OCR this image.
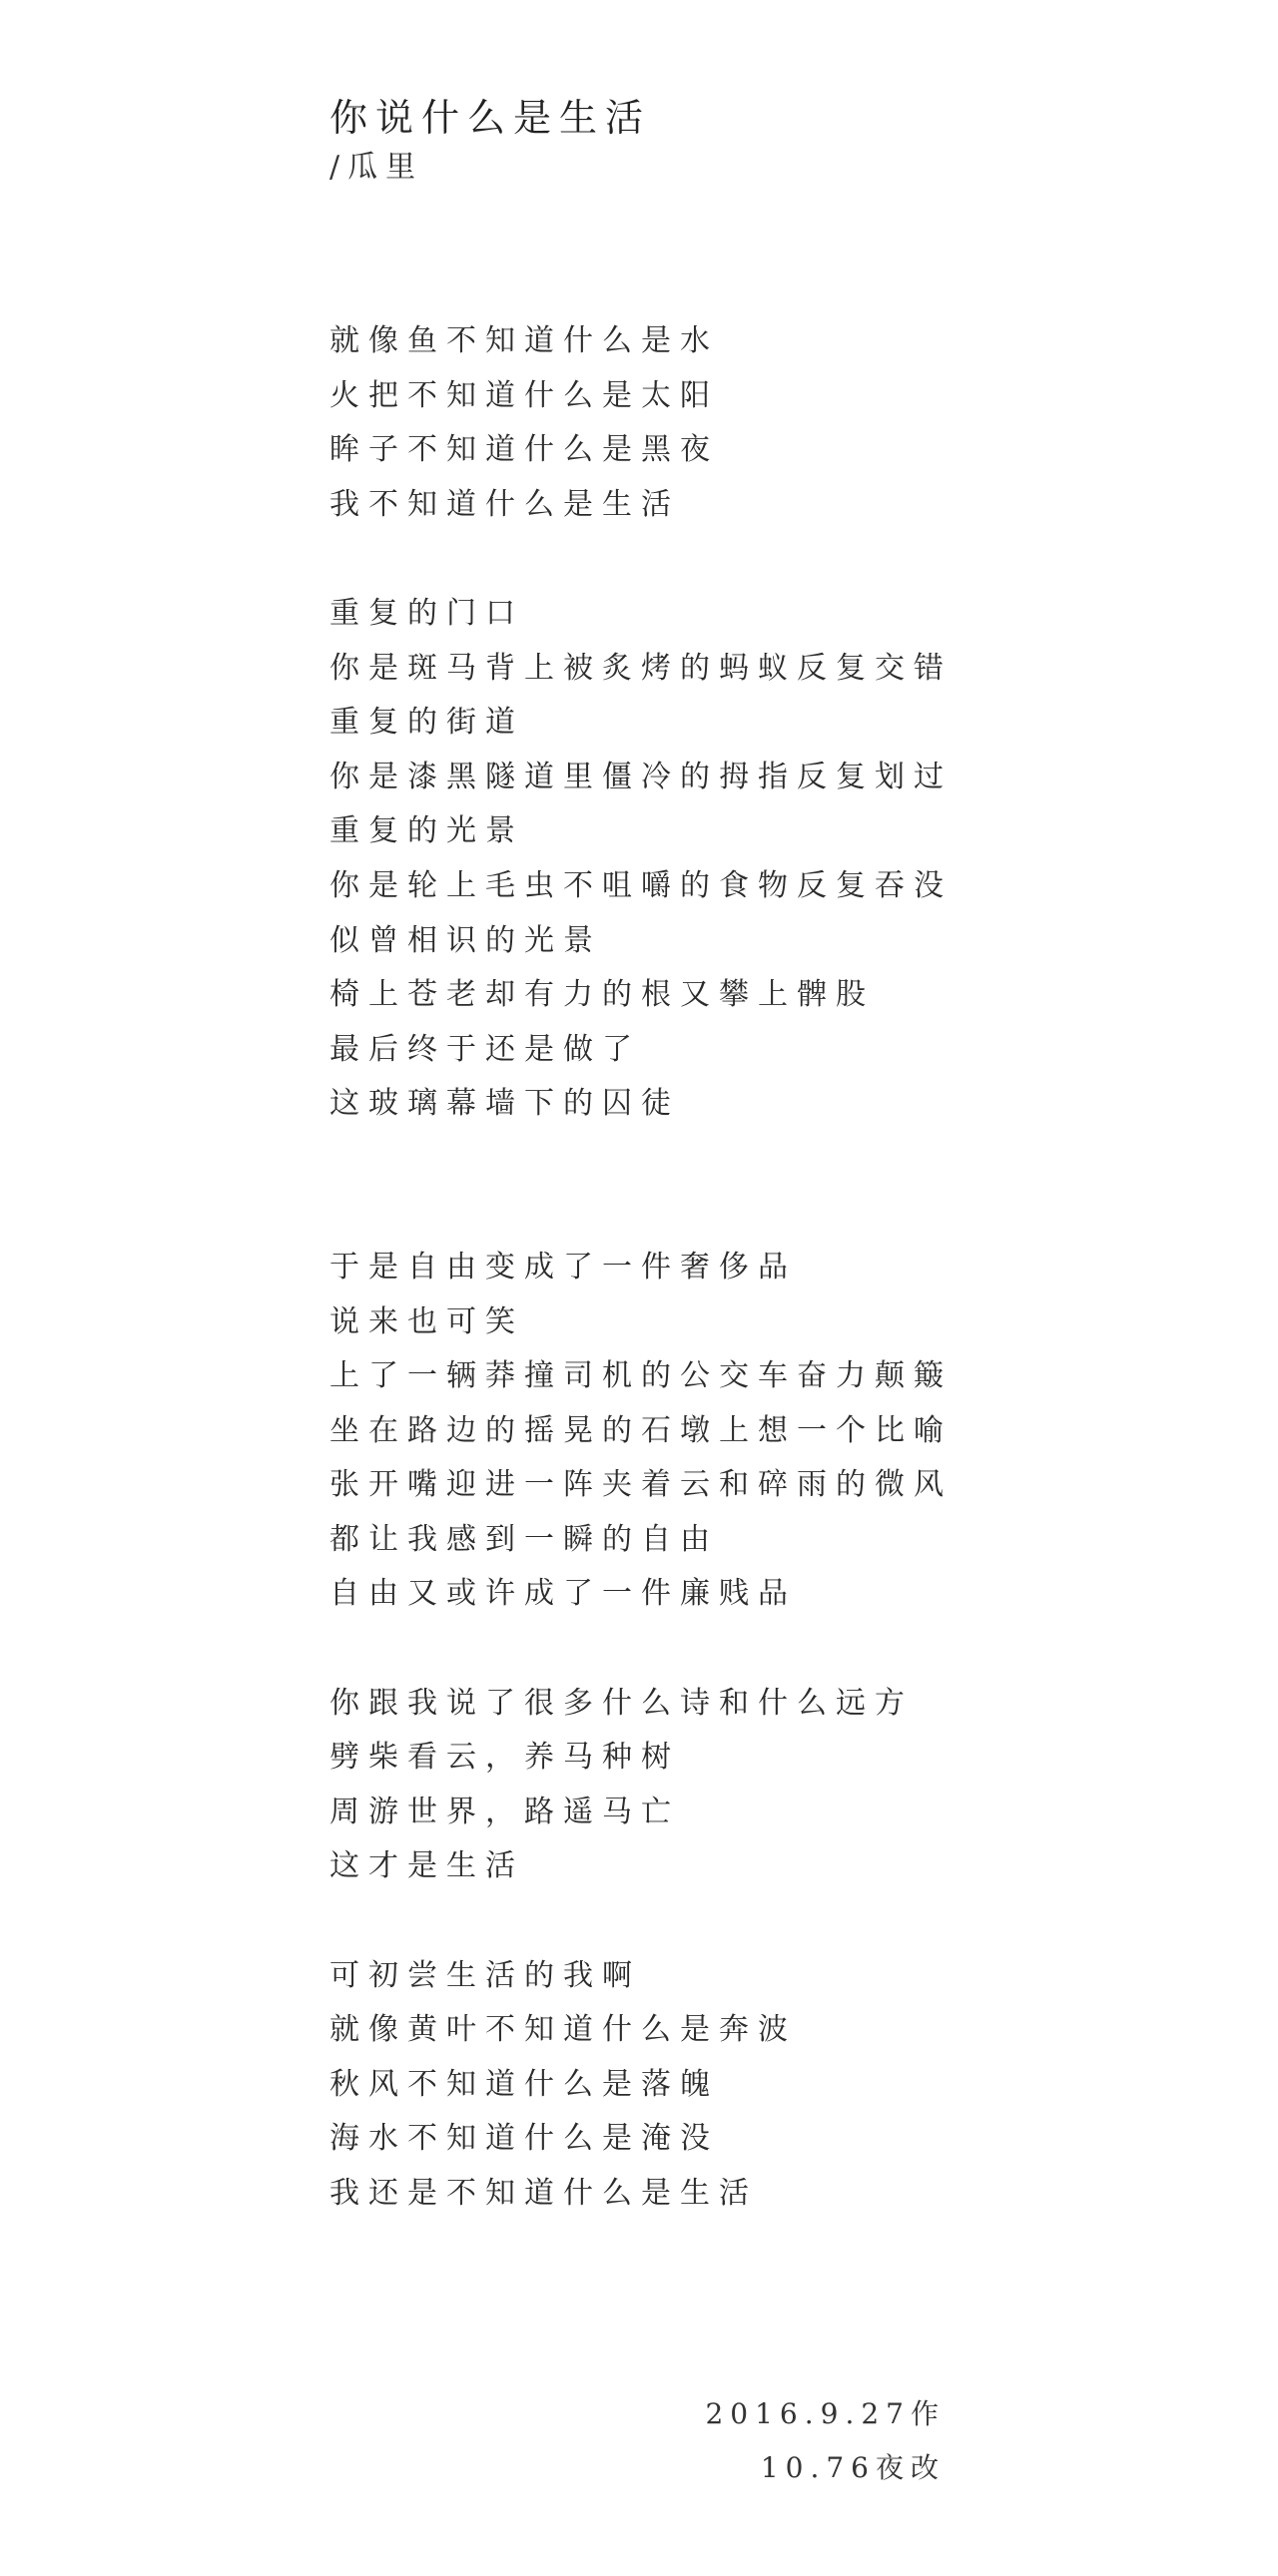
你说什么是生活

/瓜里

就像鱼不知道什么是水
火把不知道什么是太阳
眸子不知道什么是黑夜
我不知道什么是生活
重复的门口
你是斑马背上被炙烤的蚂蚁反复交错
重复的街道
你是漆黑隧道里僵冷的拇指反复划过
重复的光景
你是轮上毛虫不咀嚼的食物反复吞没
似曾相识的光景
椅上苍老却有力的根又攀上髀股
最后终于还是做了
这玻璃幕墙下的囚徒
于是自由变成了一件奢侈品
说来也可笑
上了一辆莽撞司机的公交车奋力颠簸
坐在路边的摇晃的石墩上想一个比喻
张开嘴迎进一阵夹着云和碎雨的微风
都让我感到一瞬的自由
自由又或许成了一件廉贱品
你跟我说了很多什么诗和什么远方
劈柴看云，养马种树
周游世界，路遥马亡
这才是生活
可初尝生活的我啊
就像黄叶不知道什么是奔波
秋风不知道什么是落魄
海水不知道什么是淹没
我还是不知道什么是生活
2016.9.27作
10.76夜改
